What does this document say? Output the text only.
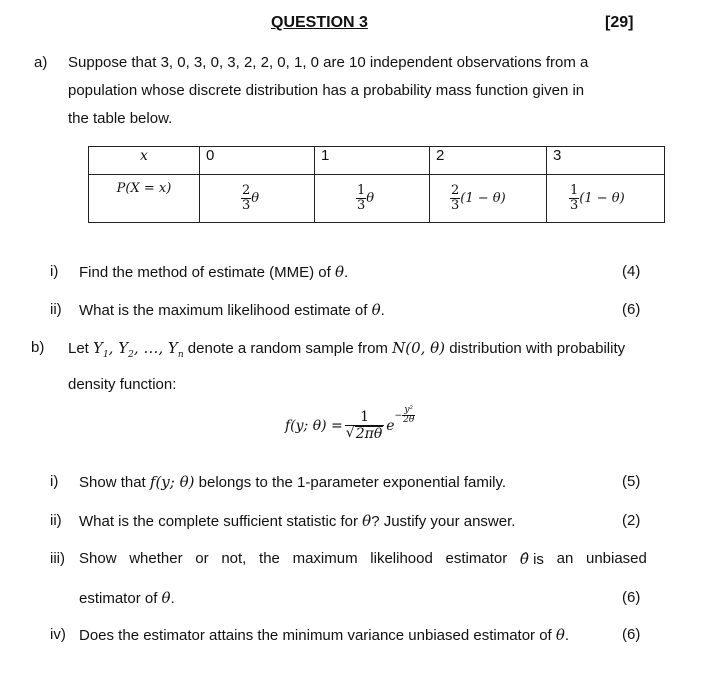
QUESTION 3	[29]
a) Suppose that 3, 0, 3, 0, 3, 2, 2, 0, 1, 0 are 10 independent observations from a
population whose discrete distribution has a probability mass function given in
the table below.
x	0	1	2	3
P(X = x)	$\frac{2}{3}$ θ	$\frac{1}{3}$ θ	$\frac{2}{3} (1 - \theta)$	$\frac{1}{3} (1 - \theta)$
i) Find the method of estimate (MME) of θ.	(4)
ii) What is the maximum likelihood estimate of θ.	(6)
b) Let $Y_1$, $Y_2$, …, $Y_n$ denote a random sample from N(0, θ) distribution with probability
density function:
f(y; $\theta) = \frac{1}{√ 2\pi\theta}$ e
− $\frac{\text{y²}}{2\theta}$
i) Show that f(y; θ) belongs to the 1-parameter exponential family.	(5)
ii) What is the complete sufficient statistic for θ? Justify your answer.	(2)
iii) Show whether or not, the maximum likelihood estimator θ̂ is an unbiased
estimator of θ.	(6)
iv) Does the estimator attains the minimum variance unbiased estimator of θ.	(6)
